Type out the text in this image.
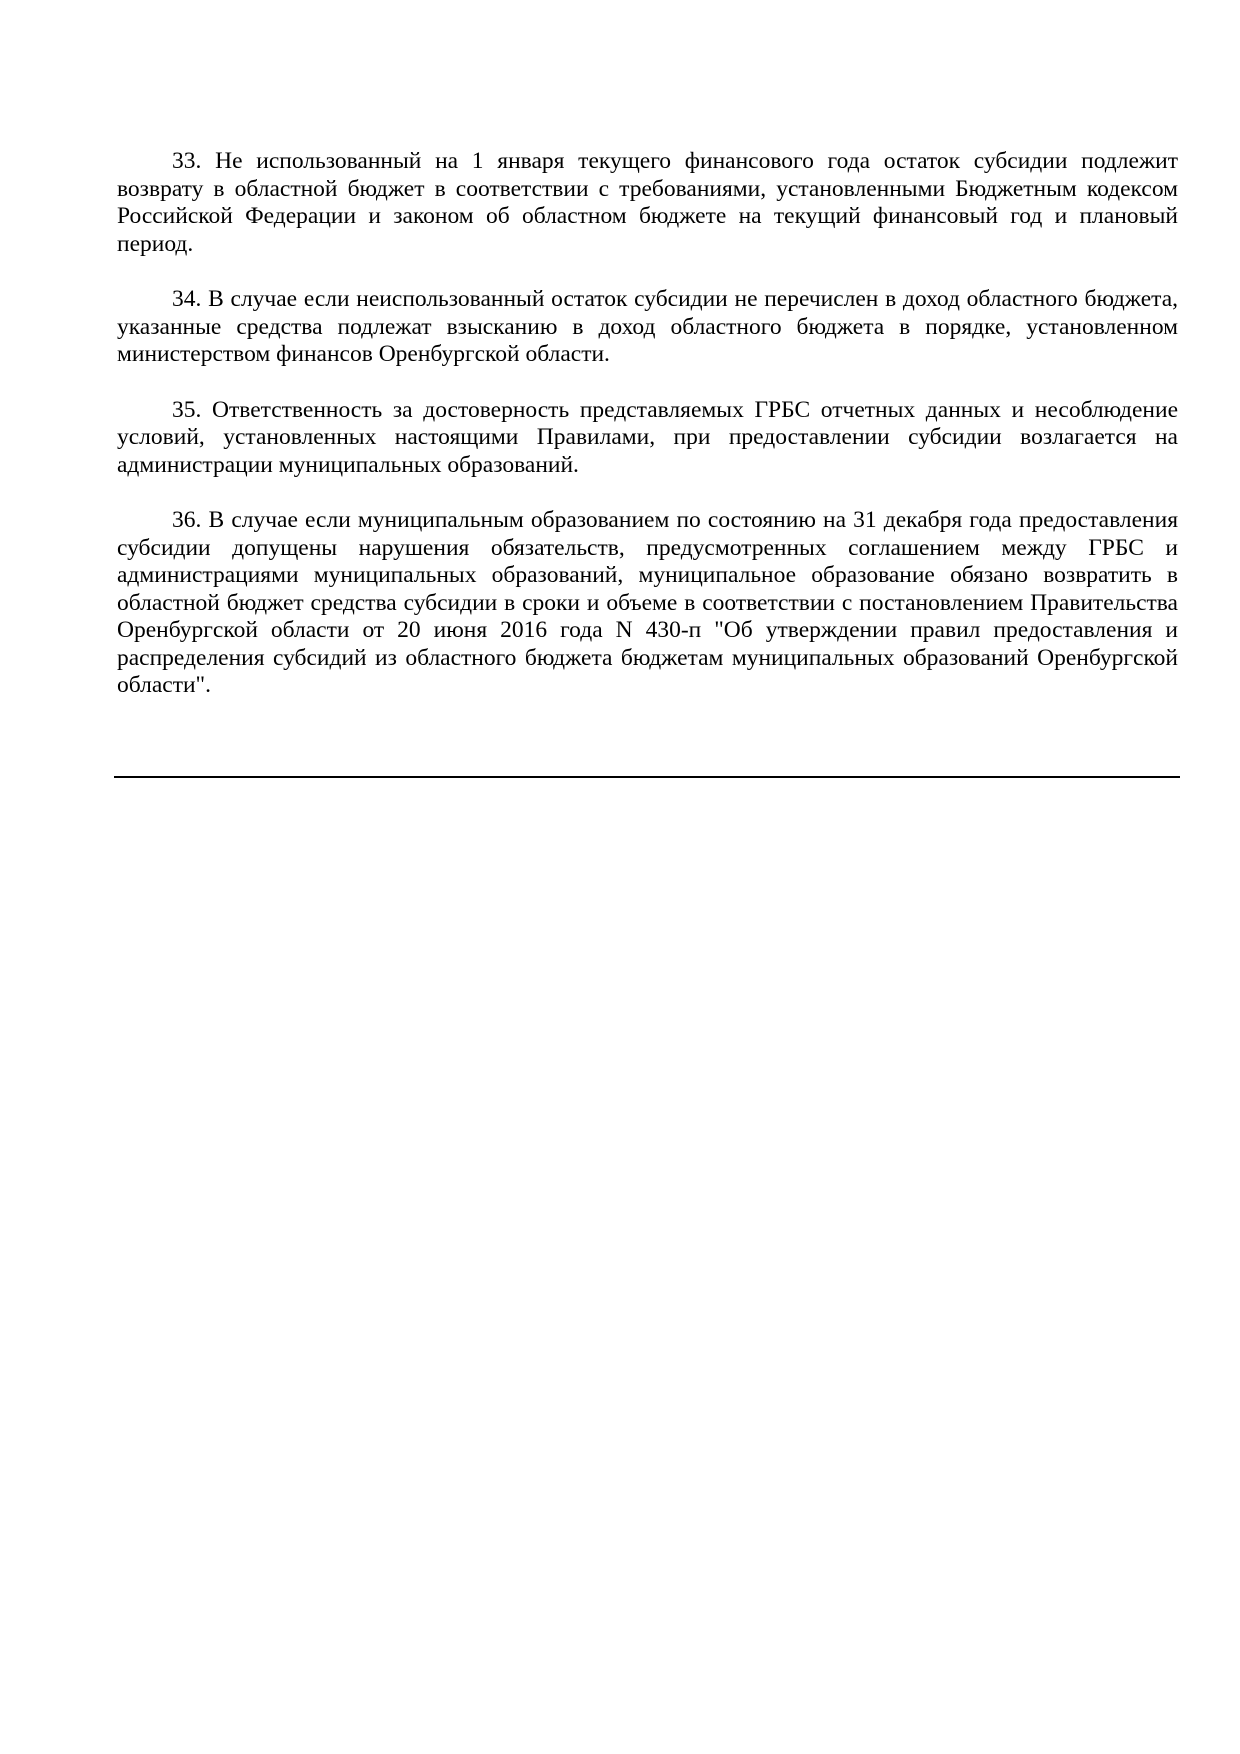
33. Не использованный на 1 января текущего финансового года остаток субсидии подлежит возврату в областной бюджет в соответствии с требованиями, установленными Бюджетным кодексом Российской Федерации и законом об областном бюджете на текущий финансовый год и плановый период.

34. В случае если неиспользованный остаток субсидии не перечислен в доход областного бюджета, указанные средства подлежат взысканию в доход областного бюджета в порядке, установленном министерством финансов Оренбургской области.

35. Ответственность за достоверность представляемых ГРБС отчетных данных и несоблюдение условий, установленных настоящими Правилами, при предоставлении субсидии возлагается на администрации муниципальных образований.

36. В случае если муниципальным образованием по состоянию на 31 декабря года предоставления субсидии допущены нарушения обязательств, предусмотренных соглашением между ГРБС и администрациями муниципальных образований, муниципальное образование обязано возвратить в областной бюджет средства субсидии в сроки и объеме в соответствии с постановлением Правительства Оренбургской области от 20 июня 2016 года N 430-п "Об утверждении правил предоставления и распределения субсидий из областного бюджета бюджетам муниципальных образований Оренбургской области".
